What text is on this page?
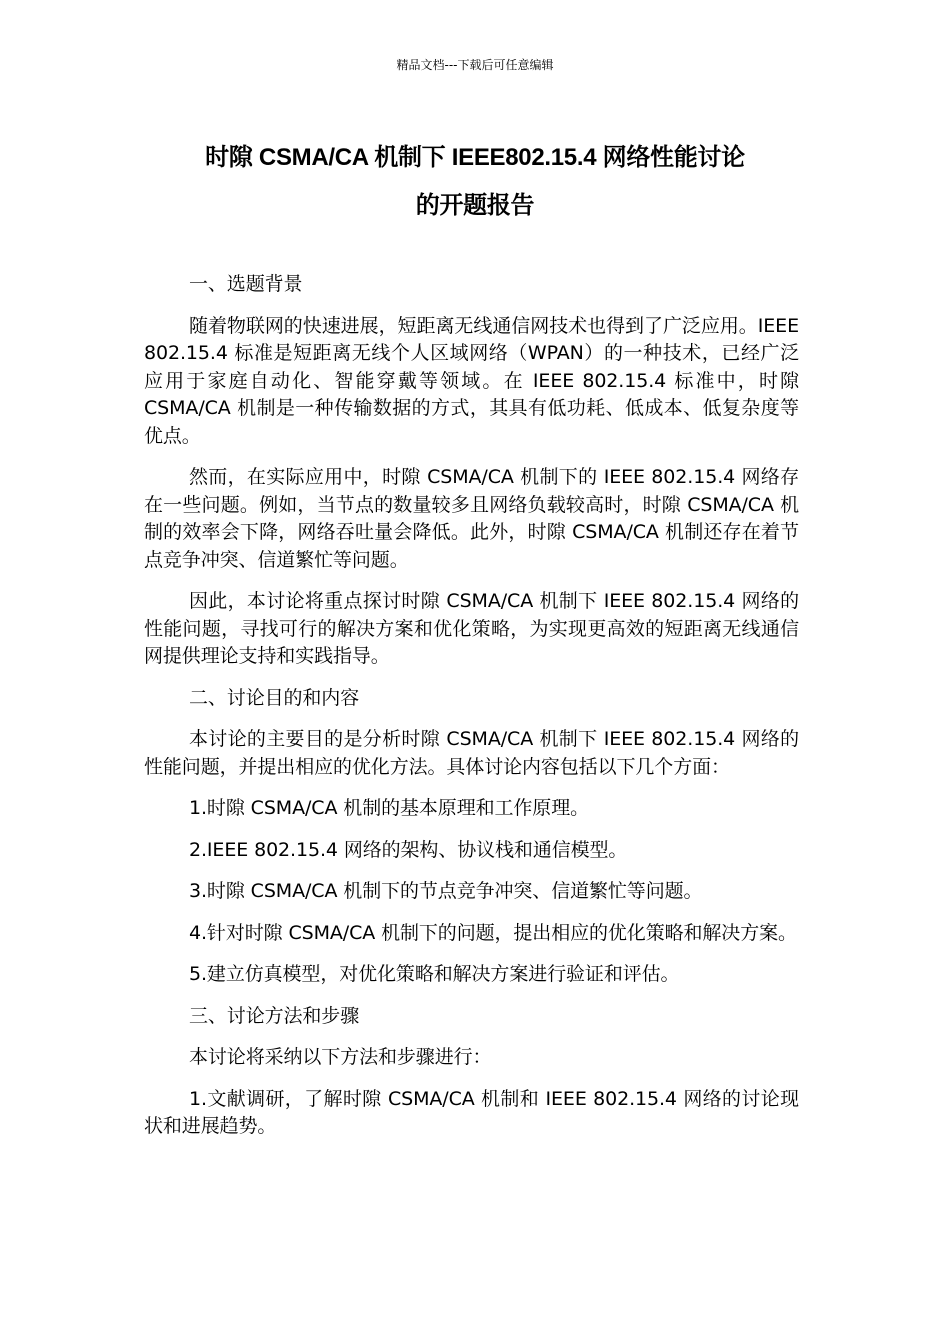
精品文档---下载后可任意编辑
时隙 CSMA/CA 机制下 IEEE802.15.4 网络性能讨论
的开题报告

一、选题背景

随着物联网的快速进展，短距离无线通信网技术也得到了广泛应用。IEEE 802.15.4 标准是短距离无线个人区域网络（WPAN）的一种技术，已经广泛应用于家庭自动化、智能穿戴等领域。在 IEEE 802.15.4 标准中，时隙 CSMA/CA 机制是一种传输数据的方式，其具有低功耗、低成本、低复杂度等优点。

然而，在实际应用中，时隙 CSMA/CA 机制下的 IEEE 802.15.4 网络存在一些问题。例如，当节点的数量较多且网络负载较高时，时隙 CSMA/CA 机制的效率会下降，网络吞吐量会降低。此外，时隙 CSMA/CA 机制还存在着节点竞争冲突、信道繁忙等问题。

因此，本讨论将重点探讨时隙 CSMA/CA 机制下 IEEE 802.15.4 网络的性能问题，寻找可行的解决方案和优化策略，为实现更高效的短距离无线通信网提供理论支持和实践指导。

二、讨论目的和内容

本讨论的主要目的是分析时隙 CSMA/CA 机制下 IEEE 802.15.4 网络的性能问题，并提出相应的优化方法。具体讨论内容包括以下几个方面：

1.时隙 CSMA/CA 机制的基本原理和工作原理。

2.IEEE 802.15.4 网络的架构、协议栈和通信模型。

3.时隙 CSMA/CA 机制下的节点竞争冲突、信道繁忙等问题。

4.针对时隙 CSMA/CA 机制下的问题，提出相应的优化策略和解决方案。

5.建立仿真模型，对优化策略和解决方案进行验证和评估。

三、讨论方法和步骤

本讨论将采纳以下方法和步骤进行：

1.文献调研，了解时隙 CSMA/CA 机制和 IEEE 802.15.4 网络的讨论现状和进展趋势。
